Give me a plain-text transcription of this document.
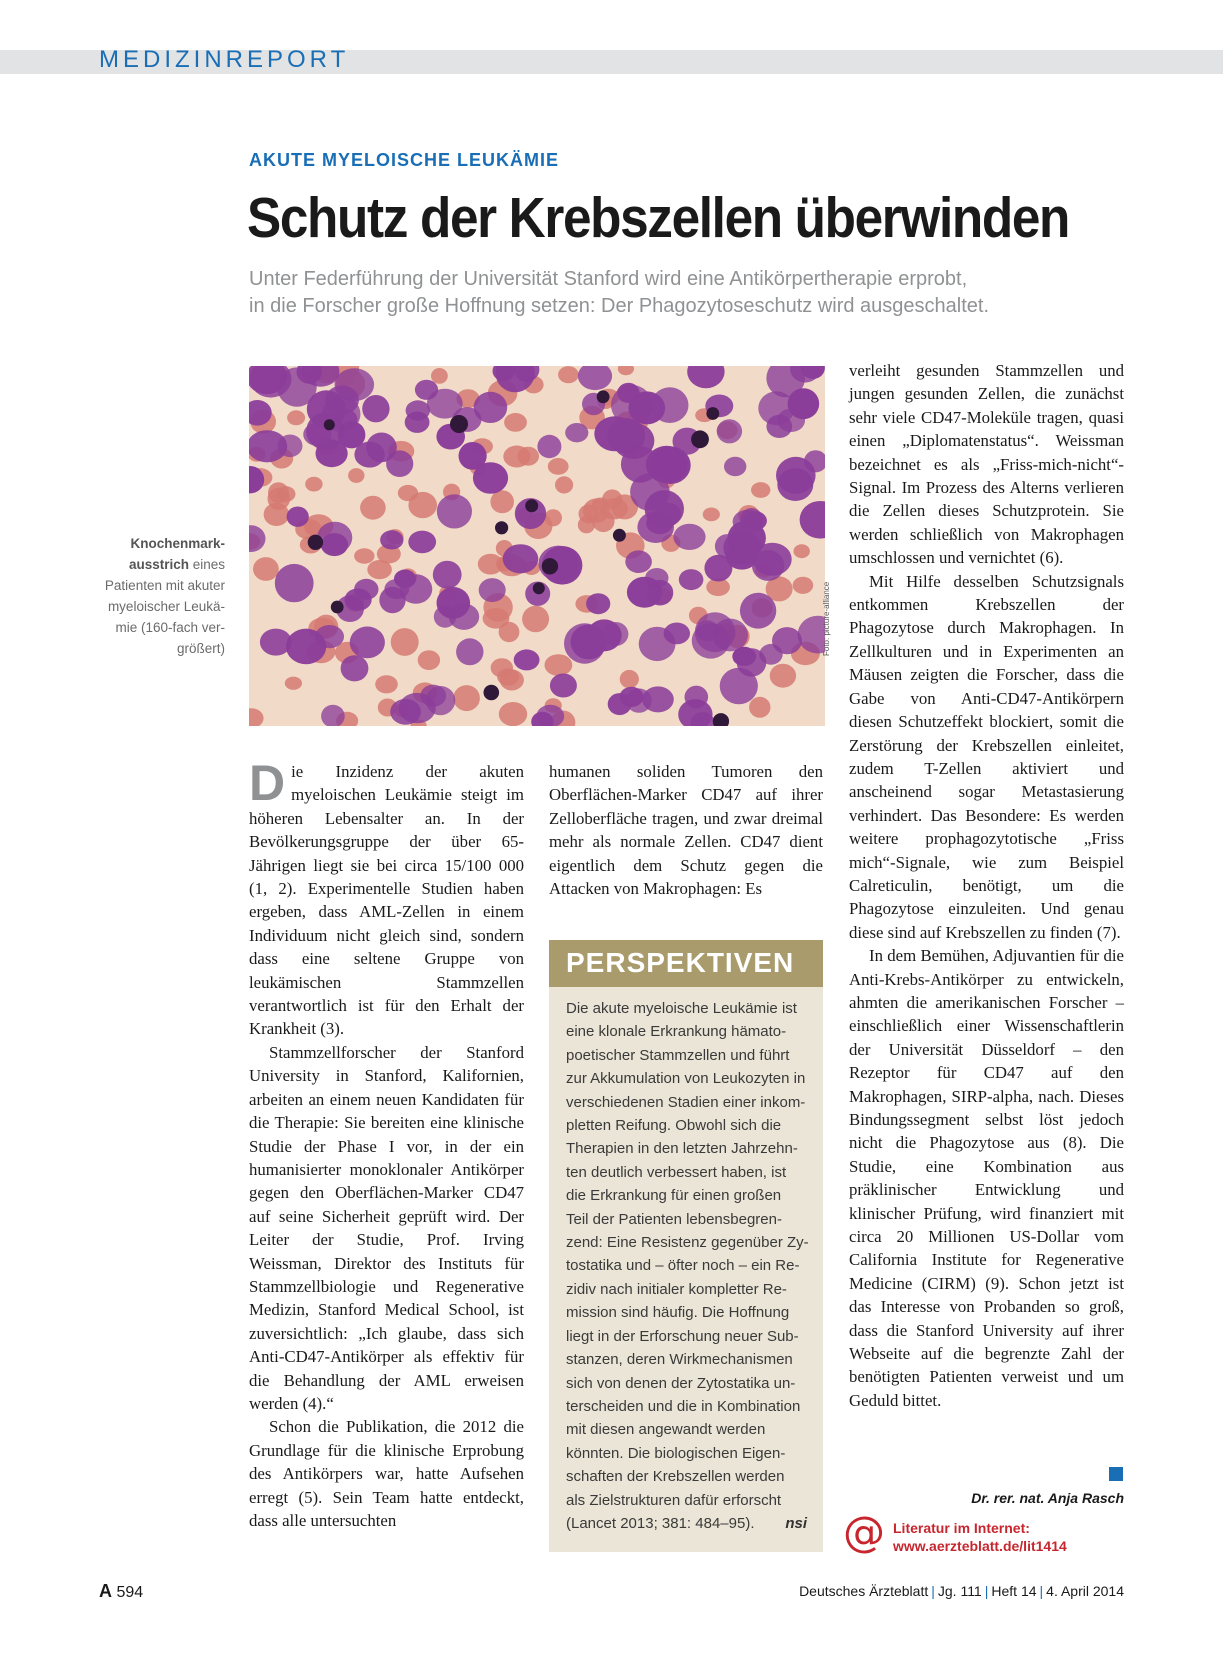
MEDIZINREPORT
AKUTE MYELOISCHE LEUKÄMIE
Schutz der Krebszellen überwinden
Unter Federführung der Universität Stanford wird eine Antikörpertherapie erprobt,
in die Forscher große Hoffnung setzen: Der Phagozytoseschutz wird ausgeschaltet.
Knochenmark-
ausstrich eines
Patienten mit akuter
myeloischer Leukä-
mie (160-fach ver-
größert)	Foto: picture-alliance

Die Inzidenz der akuten myeloischen Leukämie steigt im höheren Lebensalter an. In der Bevölkerungsgruppe der über 65-Jährigen liegt sie bei circa 15/100 000 (1, 2). Experimentelle Studien haben ergeben, dass AML-Zellen in einem Individuum nicht gleich sind, sondern dass eine seltene Gruppe von leukämischen Stammzellen verantwortlich ist für den Erhalt der Krankheit (3).

Stammzellforscher der Stanford University in Stanford, Kalifornien, arbeiten an einem neuen Kandidaten für die Therapie: Sie bereiten eine klinische Studie der Phase I vor, in der ein humanisierter monoklonaler Antikörper gegen den Oberflächen-Marker CD47 auf seine Sicherheit geprüft wird. Der Leiter der Studie, Prof. Irving Weissman, Direktor des Instituts für Stammzellbiologie und Regenerative Medizin, Stanford Medical School, ist zuversichtlich: „Ich glaube, dass sich Anti-CD47-Antikörper als effektiv für die Behandlung der AML erweisen werden (4).“

Schon die Publikation, die 2012 die Grundlage für die klinische Erprobung des Antikörpers war, hatte Aufsehen erregt (5). Sein Team hatte entdeckt, dass alle untersuchten

humanen soliden Tumoren den Oberflächen-Marker CD47 auf ihrer Zelloberfläche tragen, und zwar dreimal mehr als normale Zellen. CD47 dient eigentlich dem Schutz gegen die Attacken von Makrophagen: Es

PERSPEKTIVEN
Die akute myeloische Leukämie ist
eine klonale Erkrankung hämato-
poetischer Stammzellen und führt
zur Akkumulation von Leukozyten in
verschiedenen Stadien einer inkom-
pletten Reifung. Obwohl sich die
Therapien in den letzten Jahrzehn-
ten deutlich verbessert haben, ist
die Erkrankung für einen großen
Teil der Patienten lebensbegren-
zend: Eine Resistenz gegenüber Zy-
tostatika und – öfter noch – ein Re-
zidiv nach initialer kompletter Re-
mission sind häufig. Die Hoffnung
liegt in der Erforschung neuer Sub-
stanzen, deren Wirkmechanismen
sich von denen der Zytostatika un-
terscheiden und die in Kombination
mit diesen angewandt werden
könnten. Die biologischen Eigen-
schaften der Krebszellen werden
als Zielstrukturen dafür erforscht
(Lancet 2013; 381: 484–95). nsi

verleiht gesunden Stammzellen und jungen gesunden Zellen, die zunächst sehr viele CD47-Moleküle tragen, quasi einen „Diplomatenstatus“. Weissman bezeichnet es als „Friss-mich-nicht“-Signal. Im Prozess des Alterns verlieren die Zellen dieses Schutzprotein. Sie werden schließlich von Makrophagen umschlossen und vernichtet (6).

Mit Hilfe desselben Schutzsignals entkommen Krebszellen der Phagozytose durch Makrophagen. In Zellkulturen und in Experimenten an Mäusen zeigten die Forscher, dass die Gabe von Anti-CD47-Antikörpern diesen Schutzeffekt blockiert, somit die Zerstörung der Krebszellen einleitet, zudem T-Zellen aktiviert und anscheinend sogar Metastasierung verhindert. Das Besondere: Es werden weitere prophagozytotische „Friss mich“-Signale, wie zum Beispiel Calreticulin, benötigt, um die Phagozytose einzuleiten. Und genau diese sind auf Krebszellen zu finden (7).

In dem Bemühen, Adjuvantien für die Anti-Krebs-Antikörper zu entwickeln, ahmten die amerikanischen Forscher – einschließlich einer Wissenschaftlerin der Universität Düsseldorf – den Rezeptor für CD47 auf den Makrophagen, SIRP-alpha, nach. Dieses Bindungssegment selbst löst jedoch nicht die Phagozytose aus (8). Die Studie, eine Kombination aus präklinischer Entwicklung und klinischer Prüfung, wird finanziert mit circa 20 Millionen US-Dollar vom California Institute for Regenerative Medicine (CIRM) (9). Schon jetzt ist das Interesse von Probanden so groß, dass die Stanford University auf ihrer Webseite auf die begrenzte Zahl der benötigten Patienten verweist und um Geduld bittet.

Dr. rer. nat. Anja Rasch
@ Literatur im Internet:
www.aerzteblatt.de/lit1414
A 594	Deutsches Ärzteblatt | Jg. 111 | Heft 14 | 4. April 2014
